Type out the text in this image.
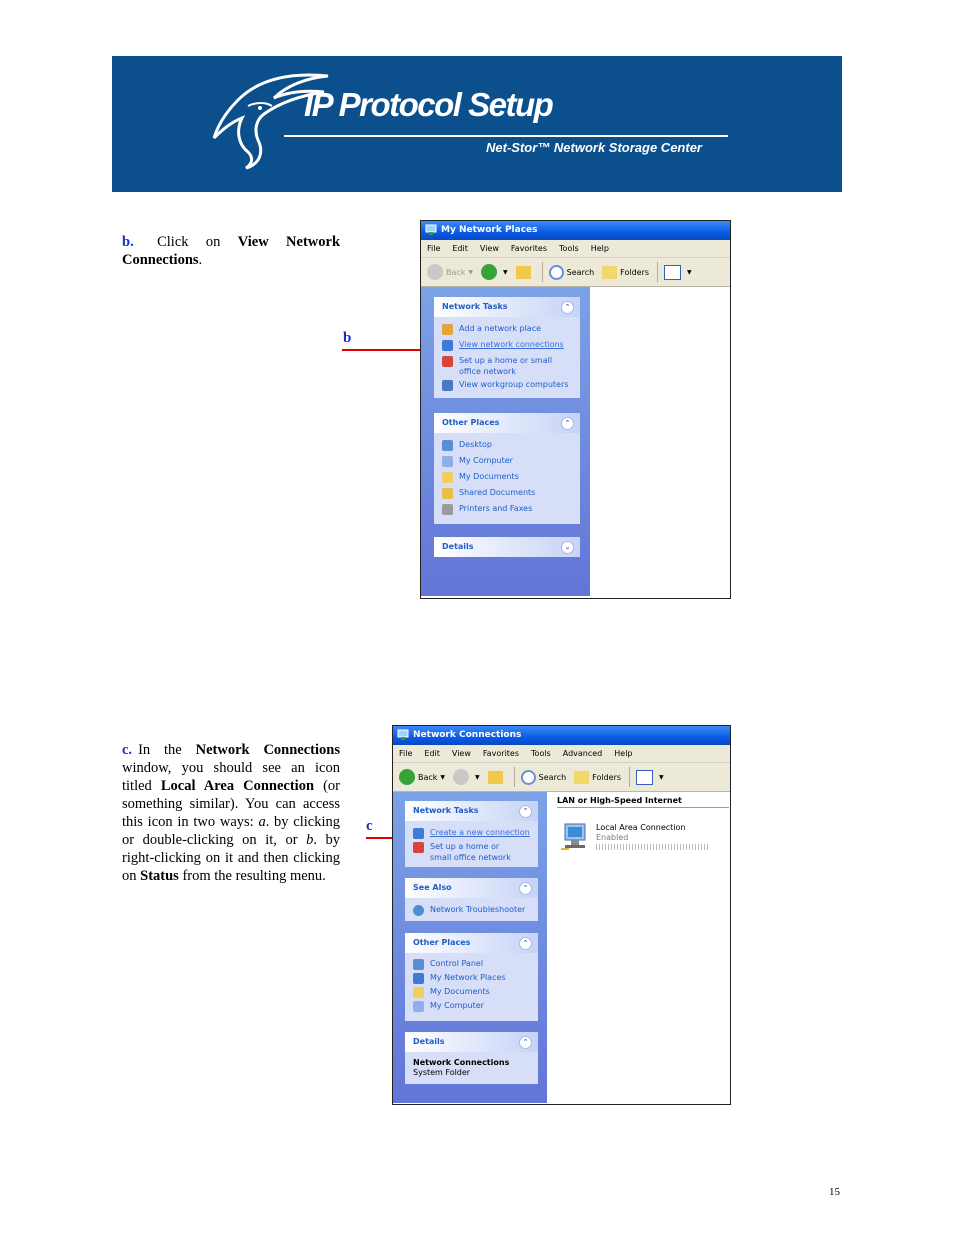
IP Protocol Setup
Net-Stor™ Network Storage Center
b. Click on View Network Connections.
b
My Network Places
File Edit View Favorites Tools Help
Back ▼	▼	Search	Folders	▼
Network Tasks	⌃
Add a network place
View network connections
Set up a home or small office network
View workgroup computers
Other Places	⌃
Desktop
My Computer
My Documents
Shared Documents
Printers and Faxes
Details	⌄
c. In the Network Connections window, you should see an icon titled Local Area Connection (or something similar). You can access this icon in two ways: a. by clicking or double-clicking on it, or b. by right-clicking on it and then clicking on Status from the resulting menu.
c
Network Connections
File Edit View Favorites Tools Advanced Help
Back ▼	▼	Search	Folders	▼
Network Tasks	⌃
Create a new connection
Set up a home or small office network
See Also	⌃
Network Troubleshooter
Other Places	⌃
Control Panel
My Network Places
My Documents
My Computer
Details	⌃
Network Connections
System Folder
LAN or High-Speed Internet
Local Area Connection
Enabled
15
